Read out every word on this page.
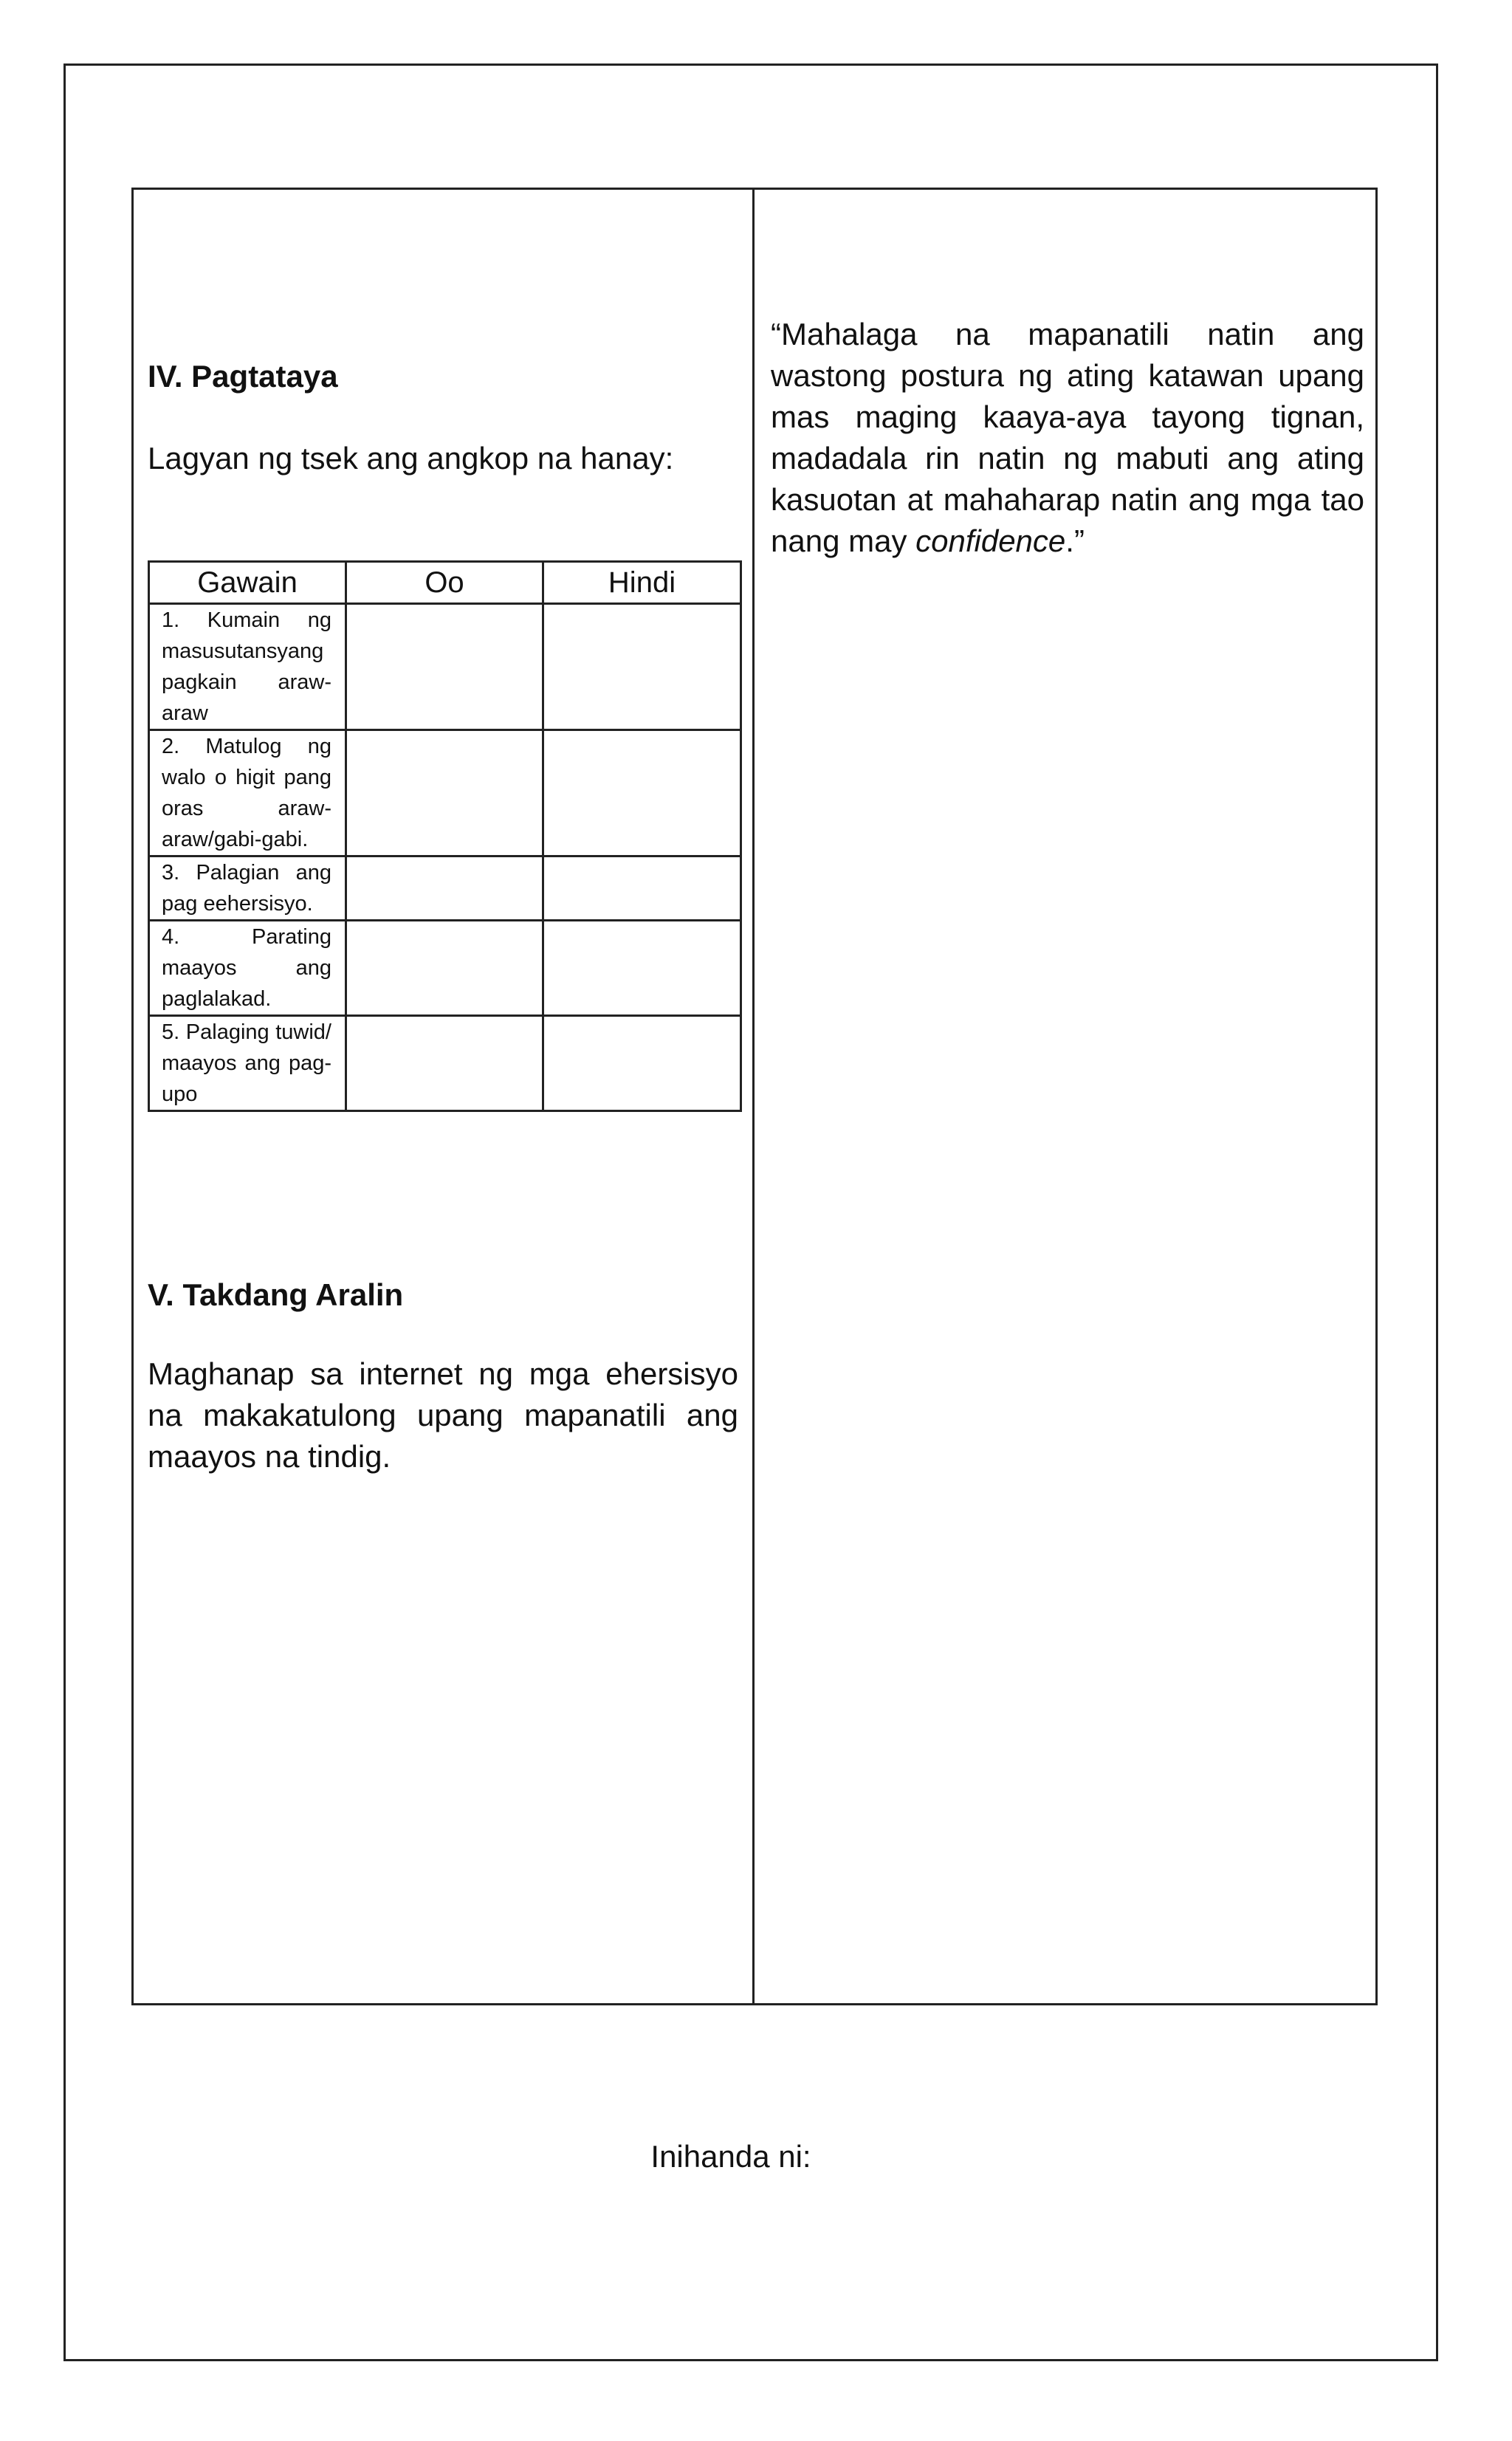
IV. Pagtataya
Lagyan ng tsek ang angkop na hanay:
Gawain	Oo	Hindi
1. Kumain ng masusutansyang pagkain araw-araw		
2. Matulog ng walo o higit pang oras araw-araw/gabi-gabi.		
3. Palagian ang pag eehersisyo.		
4. Parating maayos ang paglalakad.		
5. Palaging tuwid/ maayos ang pag-upo		
V. Takdang Aralin
Maghanap sa internet ng mga ehersisyo na makakatulong upang mapanatili ang maayos na tindig.
“Mahalaga na mapanatili natin ang wastong postura ng ating katawan upang mas maging kaaya-aya tayong tignan, madadala rin natin ng mabuti ang ating kasuotan at mahaharap natin ang mga tao nang may confidence.”
Inihanda ni:
